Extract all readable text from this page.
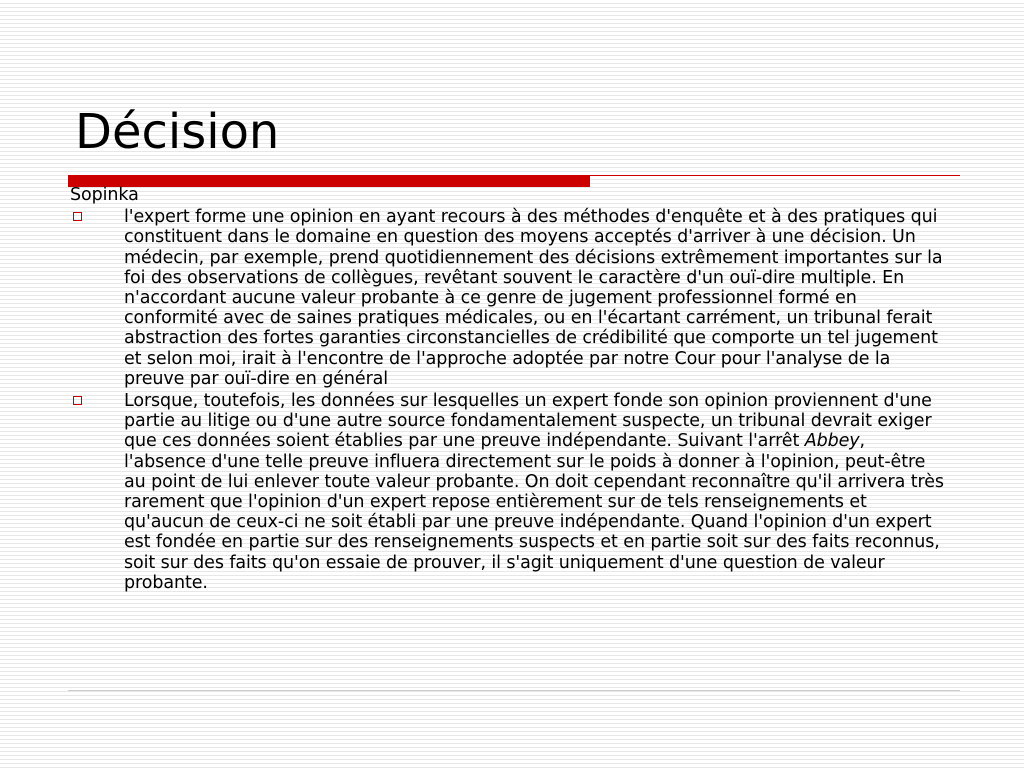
Décision

Sopinka

l'expert forme une opinion en ayant recours à des méthodes d'enquête et à des pratiques qui constituent dans le domaine en question des moyens acceptés d'arriver à une décision. Un médecin, par exemple, prend quotidiennement des décisions extrêmement importantes sur la foi des observations de collègues, revêtant souvent le caractère d'un ouï-dire multiple. En n'accordant aucune valeur probante à ce genre de jugement professionnel formé en conformité avec de saines pratiques médicales, ou en l'écartant carrément, un tribunal ferait abstraction des fortes garanties circonstancielles de crédibilité que comporte un tel jugement et selon moi, irait à l'encontre de l'approche adoptée par notre Cour pour l'analyse de la preuve par ouï-dire en général
Lorsque, toutefois, les données sur lesquelles un expert fonde son opinion proviennent d'une partie au litige ou d'une autre source fondamentalement suspecte, un tribunal devrait exiger que ces données soient établies par une preuve indépendante. Suivant l'arrêt Abbey, l'absence d'une telle preuve influera directement sur le poids à donner à l'opinion, peut-être au point de lui enlever toute valeur probante. On doit cependant reconnaître qu'il arrivera très rarement que l'opinion d'un expert repose entièrement sur de tels renseignements et qu'aucun de ceux-ci ne soit établi par une preuve indépendante. Quand l'opinion d'un expert est fondée en partie sur des renseignements suspects et en partie soit sur des faits reconnus, soit sur des faits qu'on essaie de prouver, il s'agit uniquement d'une question de valeur probante.
